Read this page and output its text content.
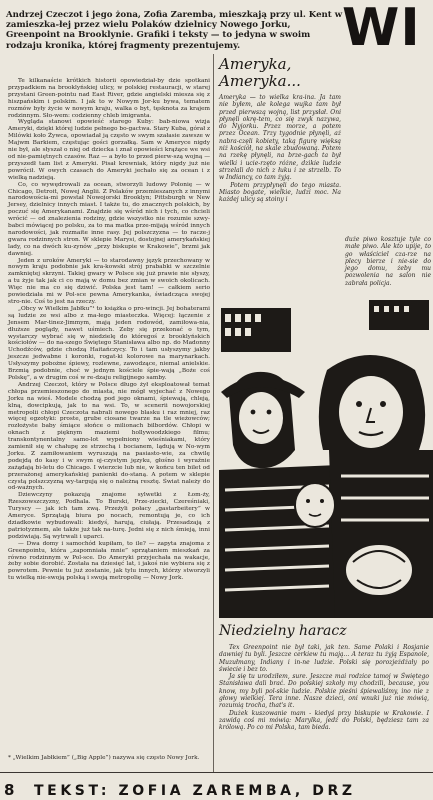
Andrzej Czeczot i jego żona, Zofia Zaremba, mieszkają przy ul. Kent w zamieszka-łej przez wielu Polaków dzielnicy Nowego Jorku, Greenpoint na Brooklynie. Grafiki i teksty — to jedyna w swoim rodzaju kronika, której fragmenty prezentujemy.	WI

Te kilkanaście krótkich historii opowiedział-by dzie spotkani przypadkiem na brooklyńskiej ulicy, w polskiej restauracji, w starej przystani Green-pointu nad East River, gdzie angielski miesza się z hiszpańskim i polskim. I jak to w Nowym Jor-ku bywa, tematem rozmów były życie w nowym kraju, walka o byt, tęsknota za krajem rodzinnym. Sło-wem: codzienny chleb imigranta.

Wygląda stanowi opowieść starego Kuby: bab-niowa wizja Ameryki, dzięki której ludzie pełnego bo-gactwa. Stary Kuba, górał z Milówki koło Żywca, opowiadał ją często w swym szałasie zawsze w Majwm Barkiem, częstując gości gorzałką. Sam w Ameryce nigdy nie był, ale słyszał o niej od dziecka i znał opowieści krążące we wsi od nie-pamiętnych czasów. Raz — a było to przed pierw-szą wojną — przyszedł tam list z Ameryki. Pisał krewniak, który nigdy już nie powrócił. W owych czasach do Ameryki jechało się za ocean i z wielką nadzieją.

Co, co wywędrowali za ocean, stworzyli ludowy Polonię — w Chicago, Detroit, Nowej Anglii. Z Polaków przemieszanych z innymi narodowościa-mi powstał Nowojorski Brooklyn; Pittsburgh w New Jersey, dzielnicy innych miast. I także tu, do znacznych polskich, by poczuć się Amerykanami. Znajdzie się wśród nich i tych, co chcieli wrócić — od znalezienia rodziny, gdzie wszystko nie rozumie szwy-babci mówiącej po polsku, za to ma matka prze-mijają wśród innych narodowości, jak rozmaite inne rasy. Jej polszczyzna — to racze-j gwara rodzinnych stron. W sklepie Marysi, dostojnej amerykańskiej lady, co na dwóch ku-zynów „przy biskupie w Krakowie”, brzmi jak dawniej.

Jeden z uroków Ameryki — to starodawny język przechowany w nowym kraju podobnie jak kra-kowski strój prababki w szczelnie zamkniętej skrzyni. Takiej gwary w Polsce się już prawie nie słyszy, a tu żyje tak jak ci co mają w domu bez zmian w swoich okolicach. Więc nie ma co się dziwić. Polska jest tam! — całkiem serio powiedziała mi w Pol-sce pewna Amerykanka, świadcząca swojej stro-nie. Coś to jest na rzeczy.

„Obcy w Wielkim Jabłku”¹ to książka o pro-wincji. Jej bohaterami są ludzie ze wsi albo z ma-łego miasteczka. Więcej: łączenie z Jensem Mar-tinez-Jimmym, mają jeden rodowód, zamiłowa-nia, dłuższe poglądy, nawet uśmiech. Zeby się przekonać o tym, wystarczy wybrać się w niedzielę do któregoś z brooklyńskich kościołów — do na-szego Świętego Stanisława albo np. do Madonny Uchodźców, gdzie chodzą Haitańczycy. To i tam usłyszymy jakby jeszcze jedwabne i koronki, rogat-ki kolorowe na marynarkach. Usłyszymy pobożne śpiewy, rozlewne, zawodzące, niemal anielskie. Brzmią podobnie, choć w jednym kościele śpie-wają „Boże coś Polskę”, a w drugim coś w re-dzaju religijnego samby.

Andrzej Czeczot, który w Polsce długo żył eksploatował temat chłopa przemieszonego do miasta, nie mógł wyjechać z Nowego Jorku na wieś. Modele chodzą pod jego oknami, śpiewają, chleją, klną, dowcipkują, jak to na wsi. To, w scenerii nowojorskiej metropolii chłopi Czeczota nabrali nowego blasku i raz mniej, raz więcej egzotyki: proste, grube ciosane twarze na tle wieżowców; rozłożyste baby śmiące słońce o milionach bilbordów. Chłopi w oknach z pięknym maziemi hollywoodzkiego filmu; transkontynentalny samo-lot wypełniony wieśniakami, który zamienił się w chałupę ze strzechą i bocianem, lądują w No-wym Jorku. Z zamiłowaniem wyruszają na pasiasto-wie, za chwilę podejdą do kasy i w swym oj-czystym języku, głośno i wyraźnie zażądają bi-letu do Chicago. I wierzcie lub nie, w końcu ten bilet od przerażonej amerykańskiej panienki do-staną. A potem w sklepie czystą polszczyzną wy-targują się o należną resztę. Świat należy do od-ważnych.

Dziewczyny pokazują znajome sylwetki z Łom-ży, Rzeszowszczyzny, Podhala. To Burski, Prze-ziecki, Czereśniaki, Turyscy — jak ich tam zwą. Przeżyli połacy „gastarbeitery” w Ameryce. Sprzątają biura po nocach, remontują je, co ich dziadkowie wybudowali: kiedyś, harują, ciułają. Przesadzają z patriotyzmem, ale także już tak na-turę. Jedni się z nich śmieją, inni podziwiają. Są wytrwali i uparci.

— Dwa domy i samochód kupiłam, to ile? — zapyta znajoma z Greenpointu, która „zapomniała mnie” sprzątaniem mieszkań za równo rodzinnym w Pol-sce. Do Ameryki przyjechała na wakacje, żeby sobie dorobić. Została na dziesięć lat, i jakoś nie wybiera się z powrotem. Pewnie tu już zostanie, jak tylu innych, którzy stworzyli tu wielką nie-swoją polską i swoją metropolię — Nowy Jork.

* „Wielkim Jabłkiem” („Big Apple”) nazywa się często Nowy Jork.
Ameryka, Ameryka...
Ameryka — to wielka kra-ina. Ja tam nie byłem, ale kolega wujka tam był przed pierwszą wojną, list przysłał. Oni płynęli okrę-tem, co się zwyk nazywa, do Nyjorku. Przez morze, a potem przez Ocean. Trzy tygodnie płynęli, aż nabra-częli kobiety, taką figurę więksą niż kościół, na skale zbudowaną. Potem na rzekę płynęli, na brze-gach ta był wielki i ucie-rzęto różne, dzikie ludzie strzelali do nich z łuku i ze strzelb. To w Indiancy, co tam żyją.
Potem przypłynęli do tego miasta. Miasto bogate, wielkie, ludzi moc. Na każdej ulicy są stoiny i
duże piwo kosztuje tyle co małe piwo. Ale kto upije, to go właściciel cza-rze na plecy bierze i nie-sie do jego domu, żeby mu pozwolenia na salon nie zabrała policja.
Niedzielny haracz

Tex Greenpoint nie był taki, jak ten. Same Polaki i Rosjanie dawniej tu byli. Jeszcze cerkiew tu mają... A teraz tu żyją Espanole, Muzułmany, Indiany i in-ne ludzie. Polski się porozjeżdżały po świecie i bez to.

Ja się tu urodziłem, sure. Jeszcze mai rodzice tamoj w Świętego Stanisława dali brać. Do polskiej szkoły my chodzili, because, you know, my byli pol-skie ludzie. Polskie pieśni śpiewaliśmy, ino nie z głowy wielkiej. Tera inne. Nasze dzieci, oni wnuki już nie mówią, rozumią trocha, that's it.

Dużek kuszowanie mam - kiedyś przy biskupie w Krakowie. I zawidą coś mi mówią: Marylka, jedź do Polski, będziesz tam za królową. Po co mi Polska, tam bieda.

8 TEKST: ZOFIA ZAREMBA, DRZ
